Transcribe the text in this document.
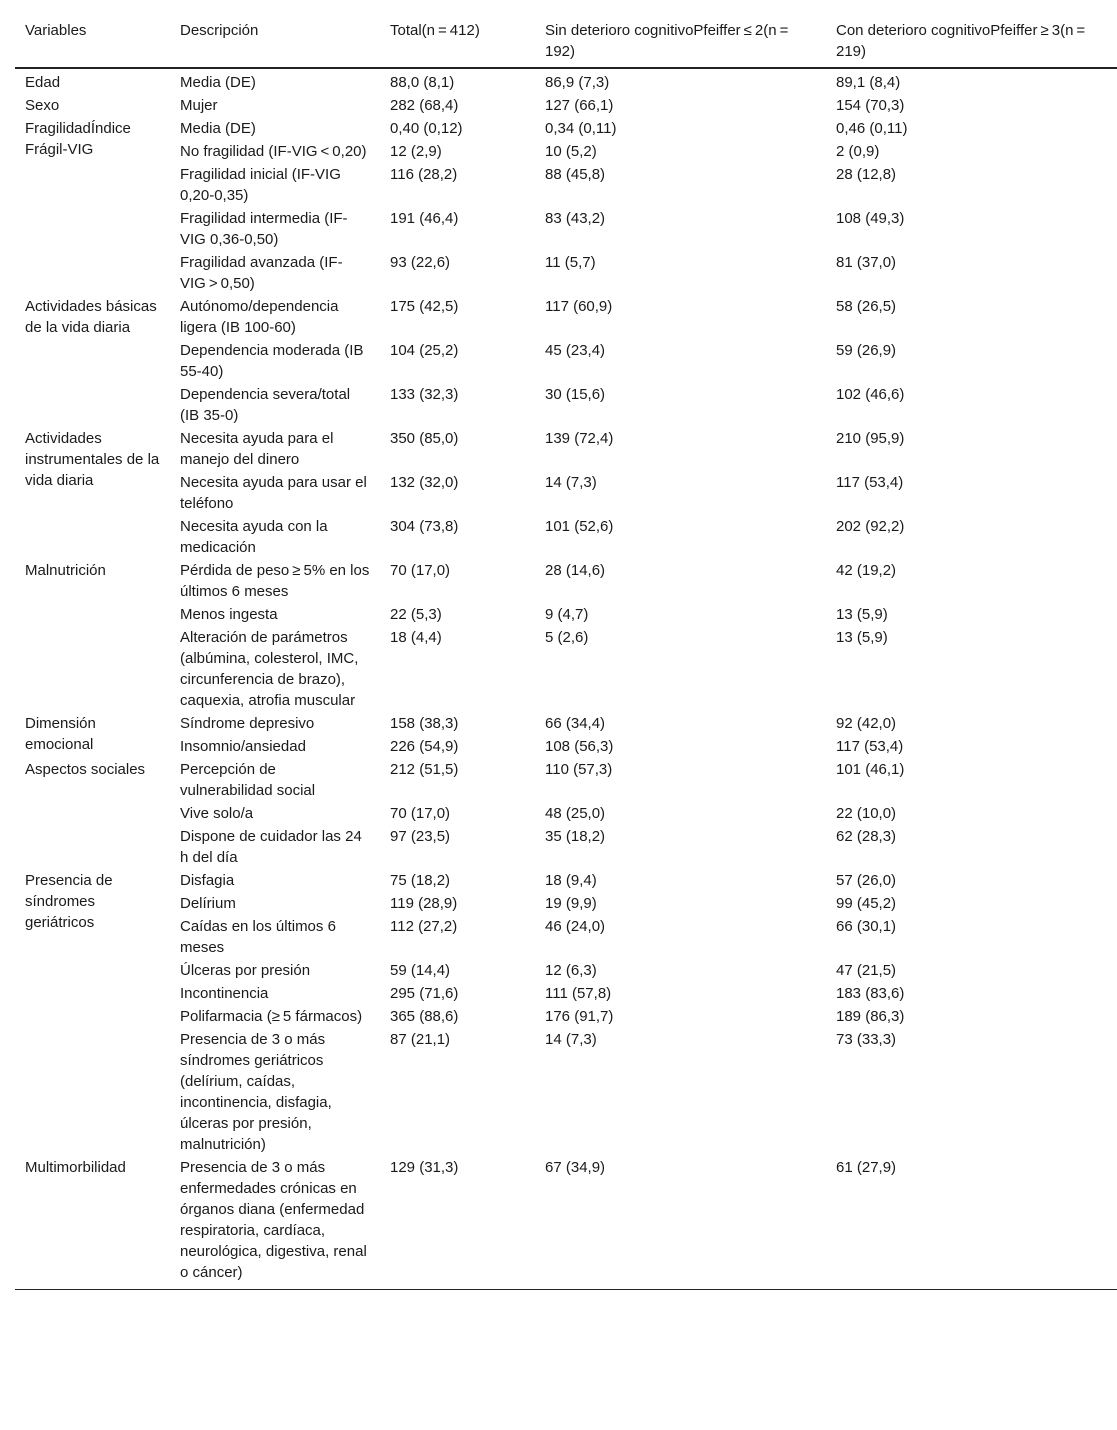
Variables	Descripción	Total(n = 412)	Sin deterioro cognitivoPfeiffer ≤ 2(n = 192)	Con deterioro cognitivoPfeiffer ≥ 3(n = 219)
Edad	Media (DE)	88,0 (8,1)	86,9 (7,3)	89,1 (8,4)
Sexo	Mujer	282 (68,4)	127 (66,1)	154 (70,3)
FragilidadÍndice Frágil-VIG	Media (DE)	0,40 (0,12)	0,34 (0,11)	0,46 (0,11)
	No fragilidad (IF-VIG < 0,20)	12 (2,9)	10 (5,2)	2 (0,9)
	Fragilidad inicial (IF-VIG 0,20-0,35)	116 (28,2)	88 (45,8)	28 (12,8)
	Fragilidad intermedia (IF-VIG 0,36-0,50)	191 (46,4)	83 (43,2)	108 (49,3)
	Fragilidad avanzada (IF-VIG > 0,50)	93 (22,6)	11 (5,7)	81 (37,0)
Actividades básicas de la vida diaria	Autónomo/dependencia ligera (IB 100-60)	175 (42,5)	117 (60,9)	58 (26,5)
	Dependencia moderada (IB 55-40)	104 (25,2)	45 (23,4)	59 (26,9)
	Dependencia severa/total (IB 35-0)	133 (32,3)	30 (15,6)	102 (46,6)
Actividades instrumentales de la vida diaria	Necesita ayuda para el manejo del dinero	350 (85,0)	139 (72,4)	210 (95,9)
	Necesita ayuda para usar el teléfono	132 (32,0)	14 (7,3)	117 (53,4)
	Necesita ayuda con la medicación	304 (73,8)	101 (52,6)	202 (92,2)
Malnutrición	Pérdida de peso ≥ 5% en los últimos 6 meses	70 (17,0)	28 (14,6)	42 (19,2)
	Menos ingesta	22 (5,3)	9 (4,7)	13 (5,9)
	Alteración de parámetros (albúmina, colesterol, IMC, circunferencia de brazo), caquexia, atrofia muscular	18 (4,4)	5 (2,6)	13 (5,9)
Dimensión emocional	Síndrome depresivo	158 (38,3)	66 (34,4)	92 (42,0)
	Insomnio/ansiedad	226 (54,9)	108 (56,3)	117 (53,4)
Aspectos sociales	Percepción de vulnerabilidad social	212 (51,5)	110 (57,3)	101 (46,1)
	Vive solo/a	70 (17,0)	48 (25,0)	22 (10,0)
	Dispone de cuidador las 24 h del día	97 (23,5)	35 (18,2)	62 (28,3)
Presencia de síndromes geriátricos	Disfagia	75 (18,2)	18 (9,4)	57 (26,0)
	Delírium	119 (28,9)	19 (9,9)	99 (45,2)
	Caídas en los últimos 6 meses	112 (27,2)	46 (24,0)	66 (30,1)
	Úlceras por presión	59 (14,4)	12 (6,3)	47 (21,5)
	Incontinencia	295 (71,6)	111 (57,8)	183 (83,6)
	Polifarmacia (≥ 5 fármacos)	365 (88,6)	176 (91,7)	189 (86,3)
	Presencia de 3 o más síndromes geriátricos (delírium, caídas, incontinencia, disfagia, úlceras por presión, malnutrición)	87 (21,1)	14 (7,3)	73 (33,3)
Multimorbilidad	Presencia de 3 o más enfermedades crónicas en órganos diana (enfermedad respiratoria, cardíaca, neurológica, digestiva, renal o cáncer)	129 (31,3)	67 (34,9)	61 (27,9)
